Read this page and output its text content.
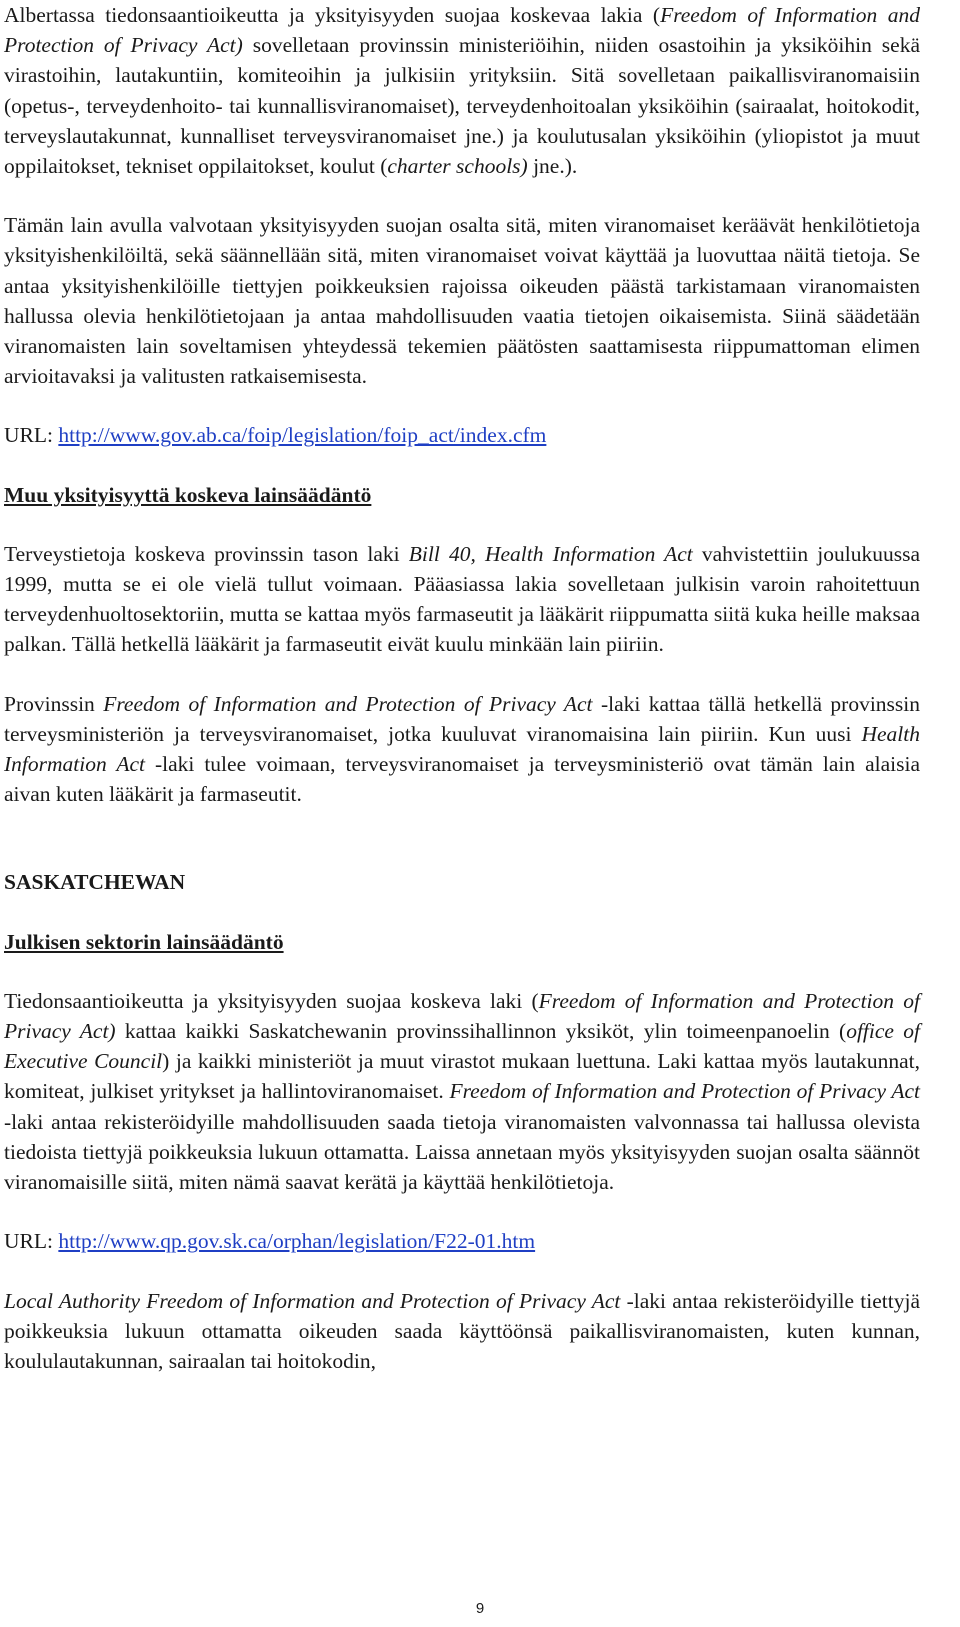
Albertassa tiedonsaantioikeutta ja yksityisyyden suojaa koskevaa lakia (Freedom of Information and Protection of Privacy Act) sovelletaan provinssin ministeriöihin, niiden osastoihin ja yksiköihin sekä virastoihin, lautakuntiin, komiteoihin ja julkisiin yrityksiin. Sitä sovelletaan paikallisviranomaisiin (opetus-, terveydenhoito- tai kunnallisviranomaiset), terveydenhoitoalan yksiköihin (sairaalat, hoitokodit, terveyslautakunnat, kunnalliset terveysviranomaiset jne.) ja koulutusalan yksiköihin (yliopistot ja muut oppilaitokset, tekniset oppilaitokset, koulut (charter schools) jne.).

Tämän lain avulla valvotaan yksityisyyden suojan osalta sitä, miten viranomaiset keräävät henkilötietoja yksityishenkilöiltä, sekä säännellään sitä, miten viranomaiset voivat käyttää ja luovuttaa näitä tietoja. Se antaa yksityishenkilöille tiettyjen poikkeuksien rajoissa oikeuden päästä tarkistamaan viranomaisten hallussa olevia henkilötietojaan ja antaa mahdollisuuden vaatia tietojen oikaisemista. Siinä säädetään viranomaisten lain soveltamisen yhteydessä tekemien päätösten saattamisesta riippumattoman elimen arvioitavaksi ja valitusten ratkaisemisesta.

URL: http://www.gov.ab.ca/foip/legislation/foip_act/index.cfm

Muu yksityisyyttä koskeva lainsäädäntö

Terveystietoja koskeva provinssin tason laki Bill 40, Health Information Act vahvistettiin joulukuussa 1999, mutta se ei ole vielä tullut voimaan. Pääasiassa lakia sovelletaan julkisin varoin rahoitettuun terveydenhuoltosektoriin, mutta se kattaa myös farmaseutit ja lääkärit riippumatta siitä kuka heille maksaa palkan. Tällä hetkellä lääkärit ja farmaseutit eivät kuulu minkään lain piiriin.

Provinssin Freedom of Information and Protection of Privacy Act -laki kattaa tällä hetkellä provinssin terveysministeriön ja terveysviranomaiset, jotka kuuluvat viranomaisina lain piiriin. Kun uusi Health Information Act -laki tulee voimaan, terveysviranomaiset ja terveysministeriö ovat tämän lain alaisia aivan kuten lääkärit ja farmaseutit.

SASKATCHEWAN

Julkisen sektorin lainsäädäntö

Tiedonsaantioikeutta ja yksityisyyden suojaa koskeva laki (Freedom of Information and Protection of Privacy Act) kattaa kaikki Saskatchewanin provinssihallinnon yksiköt, ylin toimeenpanoelin (office of Executive Council) ja kaikki ministeriöt ja muut virastot mukaan luettuna. Laki kattaa myös lautakunnat, komiteat, julkiset yritykset ja hallintoviranomaiset. Freedom of Information and Protection of Privacy Act -laki antaa rekisteröidyille mahdollisuuden saada tietoja viranomaisten valvonnassa tai hallussa olevista tiedoista tiettyjä poikkeuksia lukuun ottamatta. Laissa annetaan myös yksityisyyden suojan osalta säännöt viranomaisille siitä, miten nämä saavat kerätä ja käyttää henkilötietoja.

URL: http://www.qp.gov.sk.ca/orphan/legislation/F22-01.htm

Local Authority Freedom of Information and Protection of Privacy Act -laki antaa rekisteröidyille tiettyjä poikkeuksia lukuun ottamatta oikeuden saada käyttöönsä paikallisviranomaisten, kuten kunnan, koululautakunnan, sairaalan tai hoitokodin,

9
